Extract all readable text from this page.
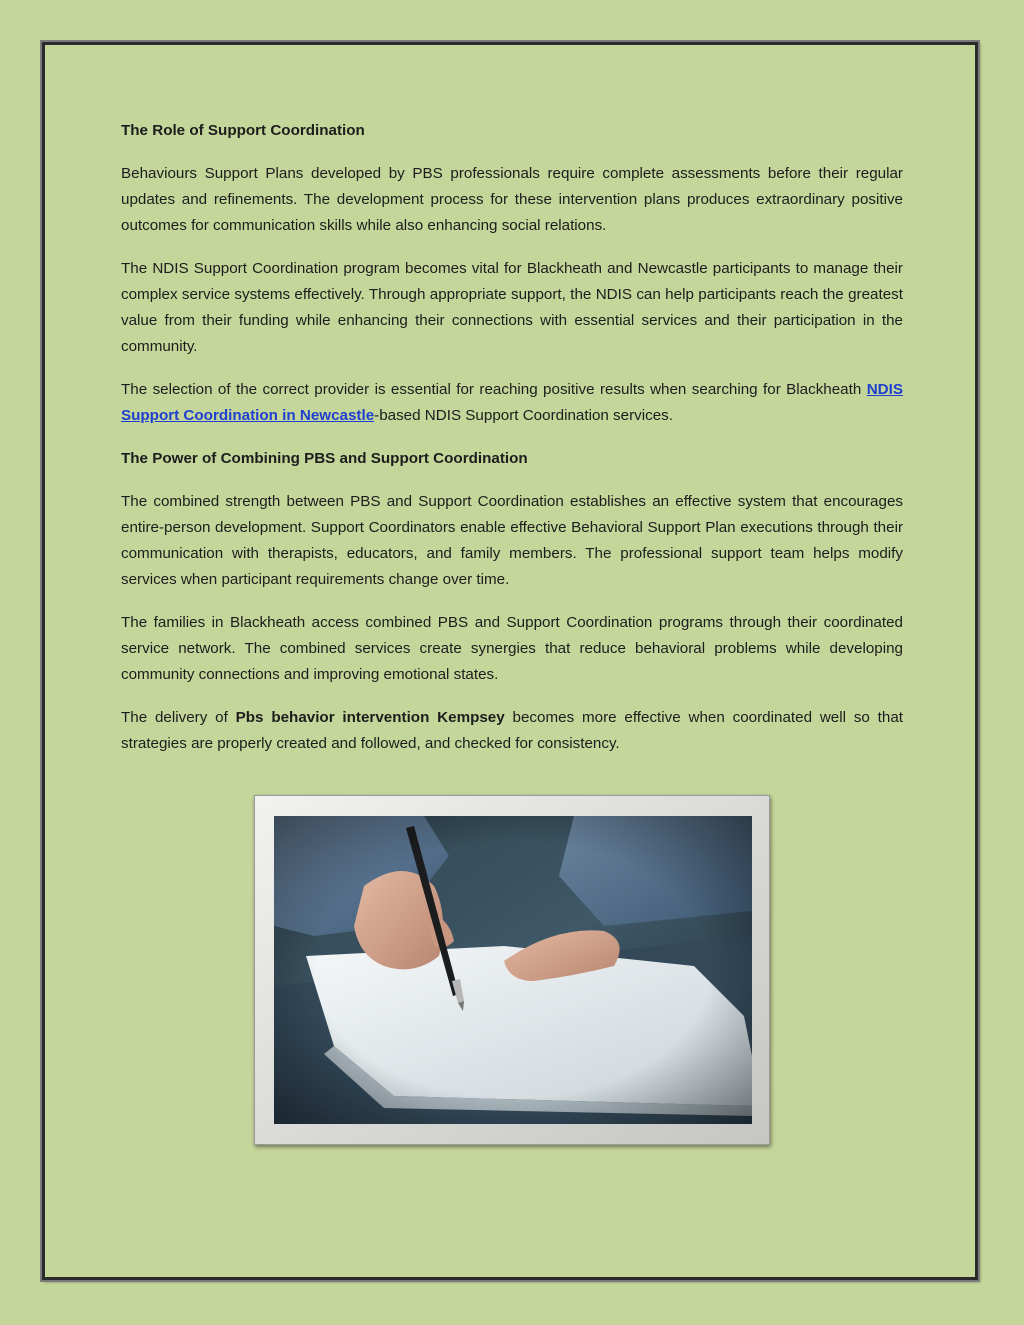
The Role of Support Coordination

Behaviours Support Plans developed by PBS professionals require complete assessments before their regular updates and refinements. The development process for these intervention plans produces extraordinary positive outcomes for communication skills while also enhancing social relations.

The NDIS Support Coordination program becomes vital for Blackheath and Newcastle participants to manage their complex service systems effectively. Through appropriate support, the NDIS can help participants reach the greatest value from their funding while enhancing their connections with essential services and their participation in the community.

The selection of the correct provider is essential for reaching positive results when searching for Blackheath NDIS Support Coordination in Newcastle-based NDIS Support Coordination services.

The Power of Combining PBS and Support Coordination

The combined strength between PBS and Support Coordination establishes an effective system that encourages entire-person development. Support Coordinators enable effective Behavioral Support Plan executions through their communication with therapists, educators, and family members. The professional support team helps modify services when participant requirements change over time.

The families in Blackheath access combined PBS and Support Coordination programs through their coordinated service network. The combined services create synergies that reduce behavioral problems while developing community connections and improving emotional states.

The delivery of Pbs behavior intervention Kempsey becomes more effective when coordinated well so that strategies are properly created and followed, and checked for consistency.
